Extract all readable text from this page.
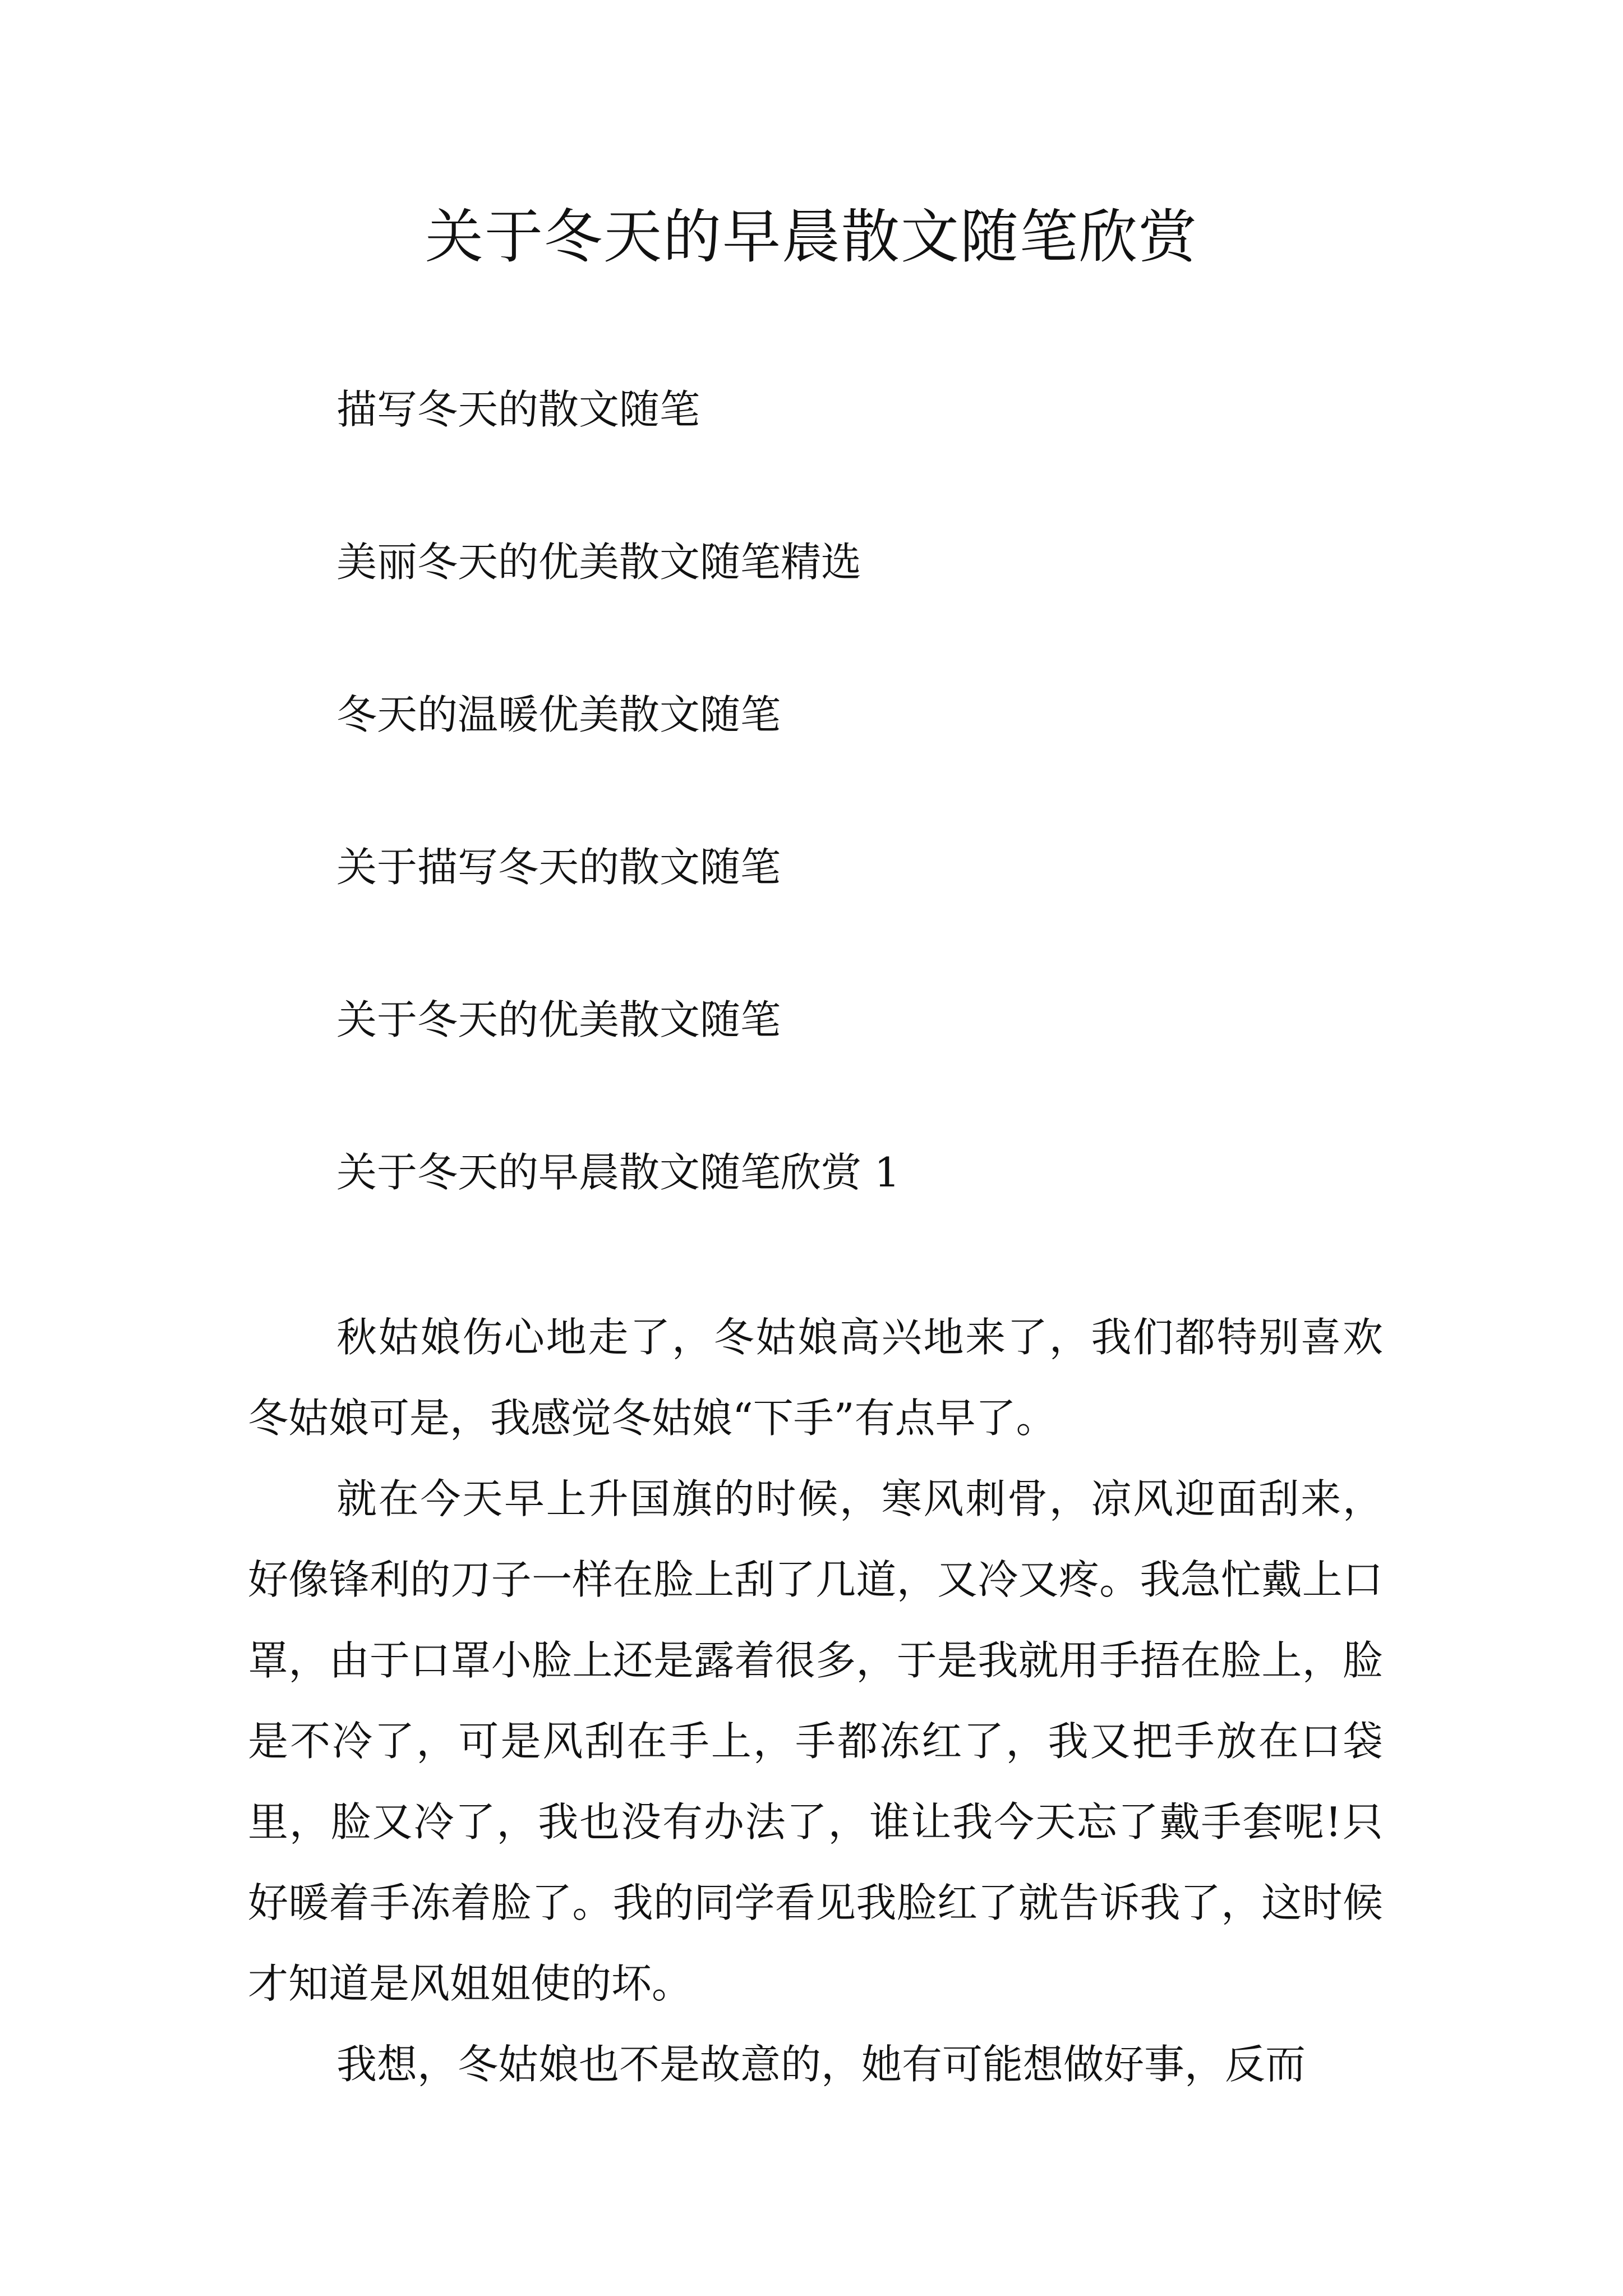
关于冬天的早晨散文随笔欣赏
描写冬天的散文随笔
美丽冬天的优美散文随笔精选
冬天的温暖优美散文随笔
关于描写冬天的散文随笔
关于冬天的优美散文随笔
关于冬天的早晨散文随笔欣赏 1

秋姑娘伤心地走了，冬姑娘高兴地来了，我们都特别喜欢冬姑娘可是，我感觉冬姑娘“下手”有点早了。

就在今天早上升国旗的时候，寒风刺骨，凉风迎面刮来，好像锋利的刀子一样在脸上刮了几道，又冷又疼。我急忙戴上口罩，由于口罩小脸上还是露着很多，于是我就用手捂在脸上，脸是不冷了，可是风刮在手上，手都冻红了，我又把手放在口袋里，脸又冷了，我也没有办法了，谁让我今天忘了戴手套呢!只好暖着手冻着脸了。我的同学看见我脸红了就告诉我了，这时候才知道是风姐姐使的坏。

我想，冬姑娘也不是故意的，她有可能想做好事，反而
